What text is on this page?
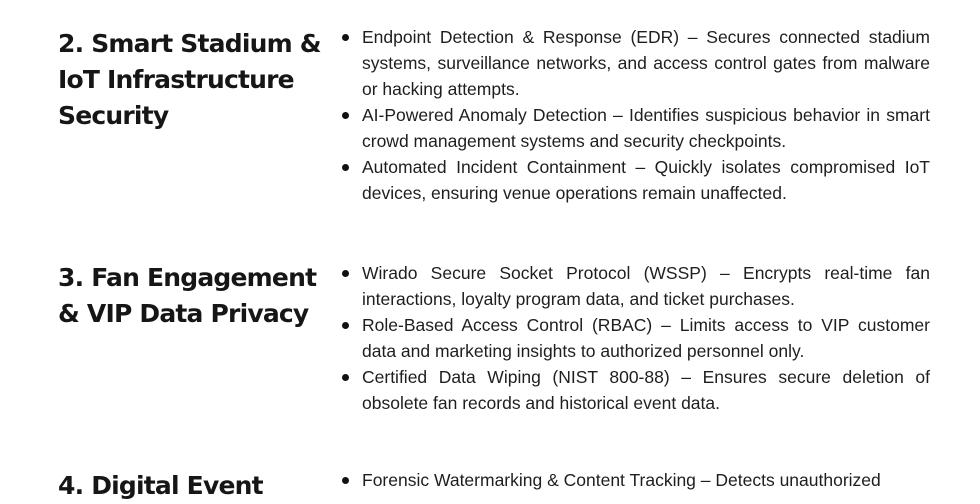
2. Smart Stadium & IoT Infrastructure Security
Endpoint Detection & Response (EDR) – Secures connected stadium systems, surveillance networks, and access control gates from malware or hacking attempts.
AI-Powered Anomaly Detection – Identifies suspicious behavior in smart crowd management systems and security checkpoints.
Automated Incident Containment – Quickly isolates compromised IoT devices, ensuring venue operations remain unaffected.
3. Fan Engagement & VIP Data Privacy
Wirado Secure Socket Protocol (WSSP) – Encrypts real-time fan interactions, loyalty program data, and ticket purchases.
Role-Based Access Control (RBAC) – Limits access to VIP customer data and marketing insights to authorized personnel only.
Certified Data Wiping (NIST 800-88) – Ensures secure deletion of obsolete fan records and historical event data.
4. Digital Event	Forensic Watermarking & Content Tracking – Detects unauthorized
